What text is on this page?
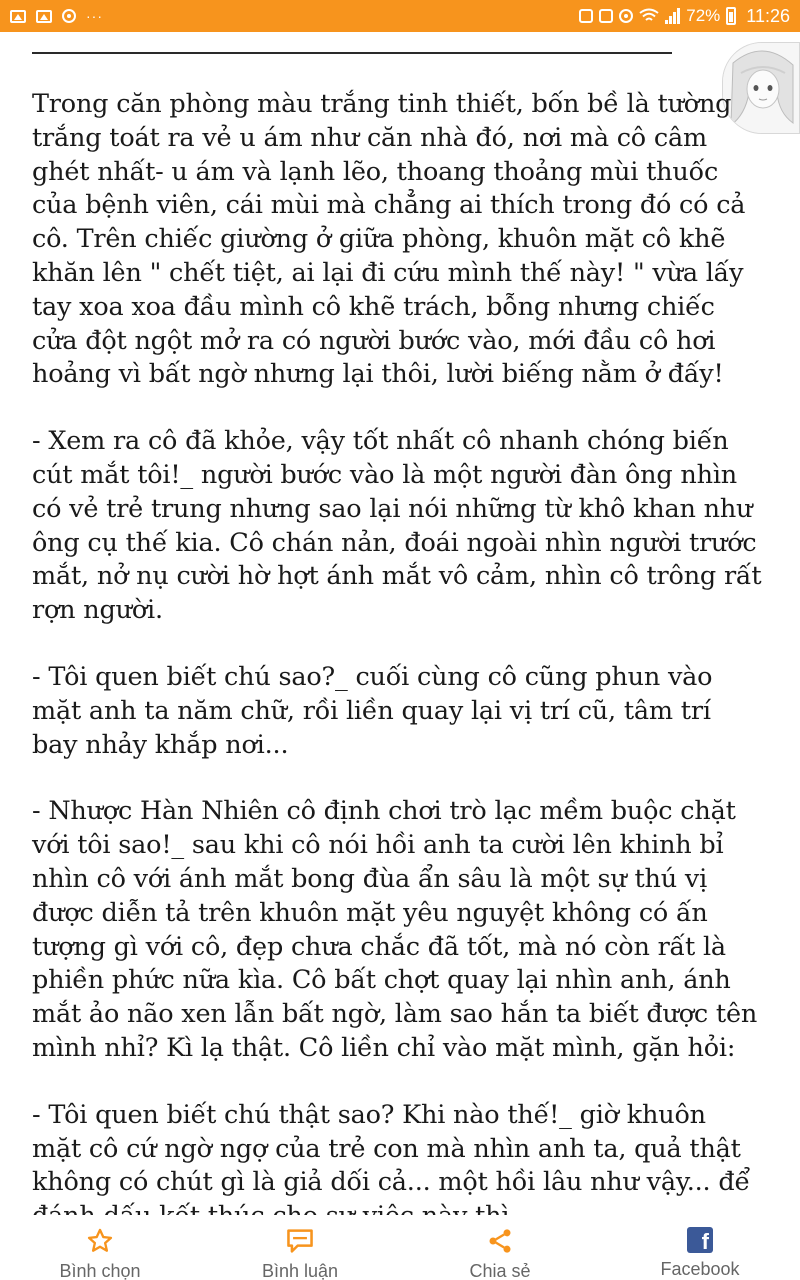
···	72% 11:26

Trong căn phòng màu trắng tinh thiết, bốn bề là tường trắng toát ra vẻ u ám như căn nhà đó, nơi mà cô câm ghét nhất- u ám và lạnh lẽo, thoang thoảng mùi thuốc của bệnh viên, cái mùi mà chẳng ai thích trong đó có cả cô. Trên chiếc giường ở giữa phòng, khuôn mặt cô khẽ khăn lên " chết tiệt, ai lại đi cứu mình thế này! " vừa lấy tay xoa xoa đầu mình cô khẽ trách, bỗng nhưng chiếc cửa đột ngột mở ra có người bước vào, mới đầu cô hơi hoảng vì bất ngờ nhưng lại thôi, lười biếng nằm ở đấy!

- Xem ra cô đã khỏe, vậy tốt nhất cô nhanh chóng biến cút mắt tôi!_ người bước vào là một người đàn ông nhìn có vẻ trẻ trung nhưng sao lại nói những từ khô khan như ông cụ thế kia. Cô chán nản, đoái ngoài nhìn người trước mắt, nở nụ cười hờ hợt ánh mắt vô cảm, nhìn cô trông rất rợn người.

- Tôi quen biết chú sao?_ cuối cùng cô cũng phun vào mặt anh ta năm chữ, rồi liền quay lại vị trí cũ, tâm trí bay nhảy khắp nơi...

- Nhược Hàn Nhiên cô định chơi trò lạc mềm buộc chặt với tôi sao!_ sau khi cô nói hồi anh ta cười lên khinh bỉ nhìn cô với ánh mắt bong đùa ẩn sâu là một sự thú vị được diễn tả trên khuôn mặt yêu nguyệt không có ấn tượng gì với cô, đẹp chưa chắc đã tốt, mà nó còn rất là phiền phức nữa kìa. Cô bất chợt quay lại nhìn anh, ánh mắt ảo não xen lẫn bất ngờ, làm sao hắn ta biết được tên mình nhỉ? Kì lạ thật. Cô liền chỉ vào mặt mình, gặn hỏi:

- Tôi quen biết chú thật sao? Khi nào thế!_ giờ khuôn mặt cô cứ ngờ ngợ của trẻ con mà nhìn anh ta, quả thật không có chút gì là giả dối cả... một hồi lâu như vậy... để

Bình chọn	Bình luận	Chia sẻ
f
Facebook
